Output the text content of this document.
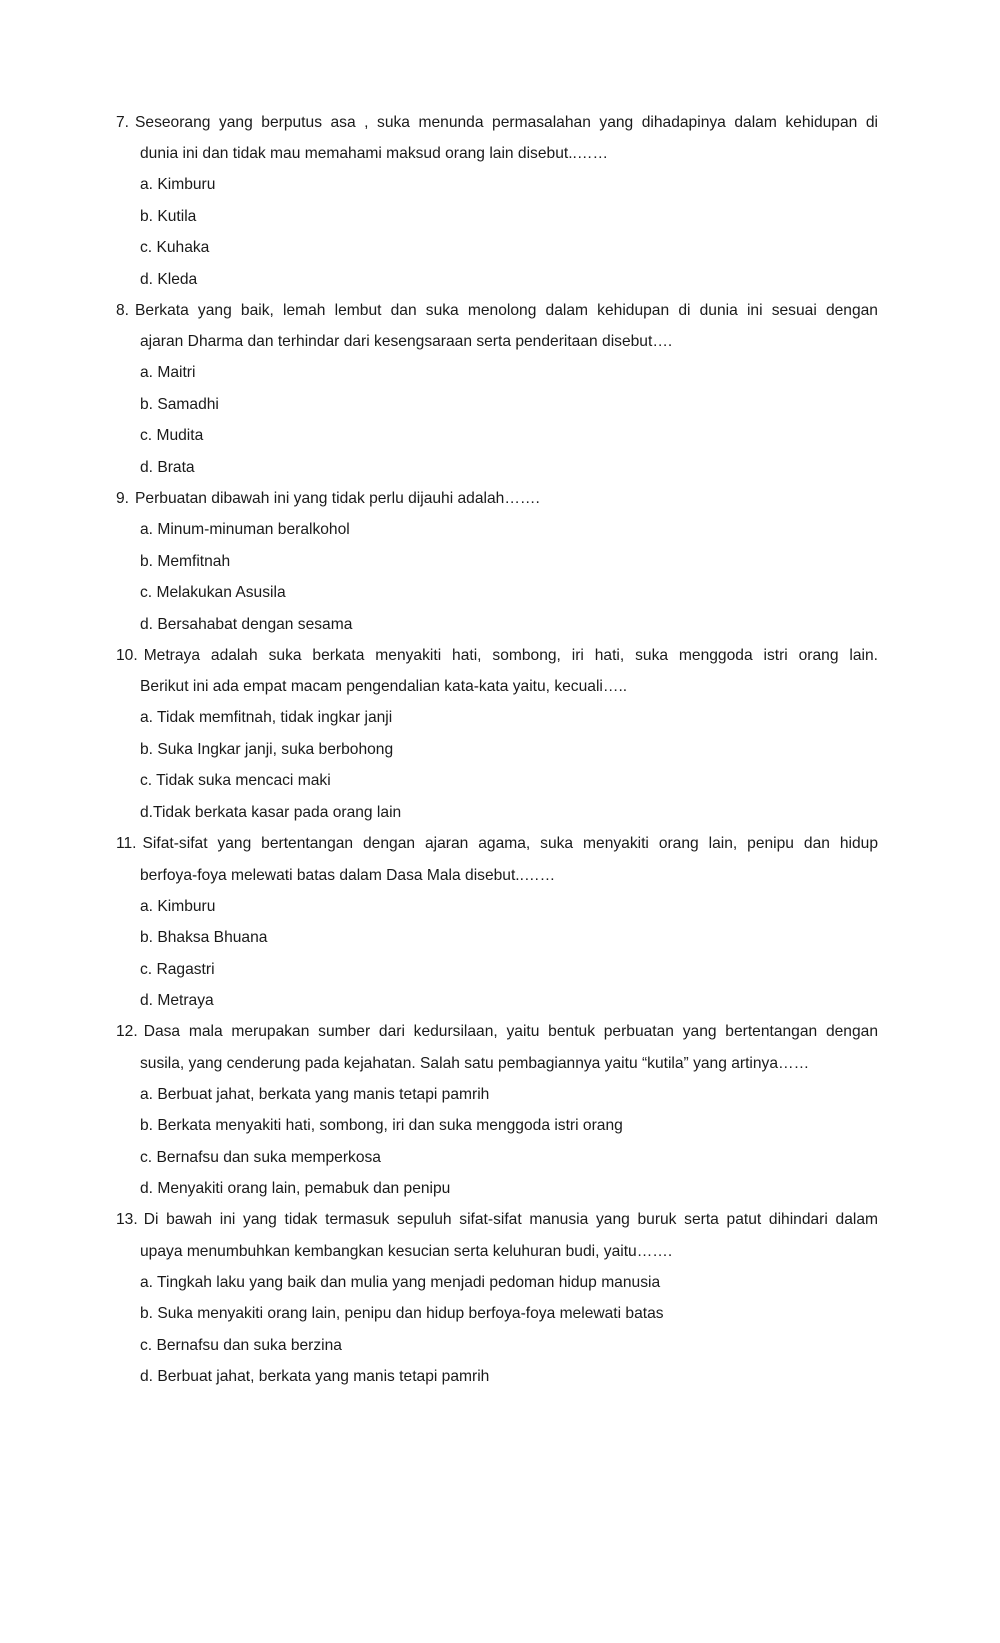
7. Seseorang yang berputus asa , suka menunda permasalahan yang dihadapinya dalam kehidupan di
dunia ini dan tidak mau memahami maksud orang lain disebut..……
a. Kimburu
b. Kutila
c. Kuhaka
d. Kleda
8. Berkata yang baik, lemah lembut dan suka menolong dalam kehidupan di dunia ini sesuai dengan
ajaran Dharma dan terhindar dari kesengsaraan serta penderitaan disebut….
a. Maitri
b. Samadhi
c. Mudita
d. Brata
9. Perbuatan dibawah ini yang tidak perlu dijauhi adalah…….
a. Minum-minuman beralkohol
b. Memfitnah
c. Melakukan Asusila
d. Bersahabat dengan sesama
10. Metraya adalah suka berkata menyakiti hati, sombong, iri hati, suka menggoda istri orang lain.
Berikut ini ada empat macam pengendalian kata-kata yaitu, kecuali…..
a. Tidak memfitnah, tidak ingkar janji
b. Suka Ingkar janji, suka berbohong
c. Tidak suka mencaci maki
d.Tidak berkata kasar pada orang lain
11. Sifat-sifat yang bertentangan dengan ajaran agama, suka menyakiti orang lain, penipu dan hidup
berfoya-foya melewati batas dalam Dasa Mala disebut..……
a. Kimburu
b. Bhaksa Bhuana
c. Ragastri
d. Metraya
12. Dasa mala merupakan sumber dari kedursilaan, yaitu bentuk perbuatan yang bertentangan dengan
susila, yang cenderung pada kejahatan. Salah satu pembagiannya yaitu “kutila” yang artinya……
a. Berbuat jahat, berkata yang manis tetapi pamrih
b. Berkata menyakiti hati, sombong, iri dan suka menggoda istri orang
c. Bernafsu dan suka memperkosa
d. Menyakiti orang lain, pemabuk dan penipu
13. Di bawah ini yang tidak termasuk sepuluh sifat-sifat manusia yang buruk serta patut dihindari dalam
upaya menumbuhkan kembangkan kesucian serta keluhuran budi, yaitu…….
a. Tingkah laku yang baik dan mulia yang menjadi pedoman hidup manusia
b. Suka menyakiti orang lain, penipu dan hidup berfoya-foya melewati batas
c. Bernafsu dan suka berzina
d. Berbuat jahat, berkata yang manis tetapi pamrih
